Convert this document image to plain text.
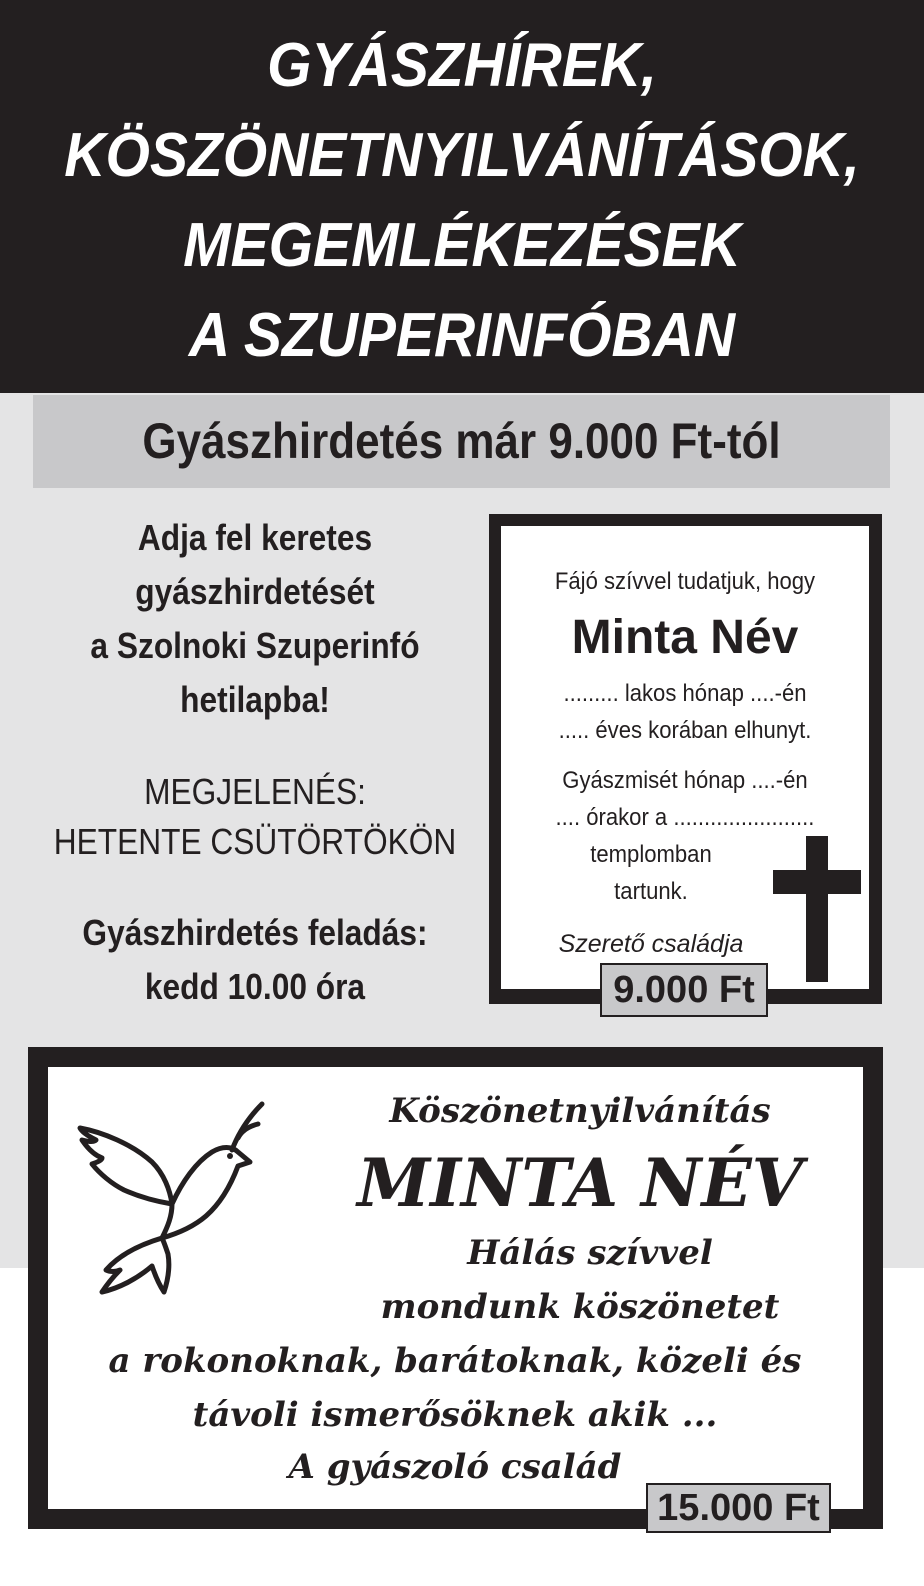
GYÁSZHÍREK,
KÖSZÖNETNYILVÁNÍTÁSOK,
MEGEMLÉKEZÉSEK
A SZUPERINFÓBAN
Gyászhirdetés már 9.000 Ft-tól
Adja fel keretes
gyászhirdetését
a Szolnoki Szuperinfó
hetilapba!
MEGJELENÉS:
HETENTE CSÜTÖRTÖKÖN
Gyászhirdetés feladás:
kedd 10.00 óra
Fájó szívvel tudatjuk, hogy
Minta Név
......... lakos hónap ....-én
..... éves korában elhunyt.
Gyászmisét hónap ....-én
.... órakor a .......................
templomban
tartunk.
Szerető családja
9.000 Ft
Köszönetnyilvánítás
MINTA NÉV
Hálás szívvel
mondunk köszönetet
a rokonoknak, barátoknak, közeli és
távoli ismerősöknek akik ...
A gyászoló család
15.000 Ft
